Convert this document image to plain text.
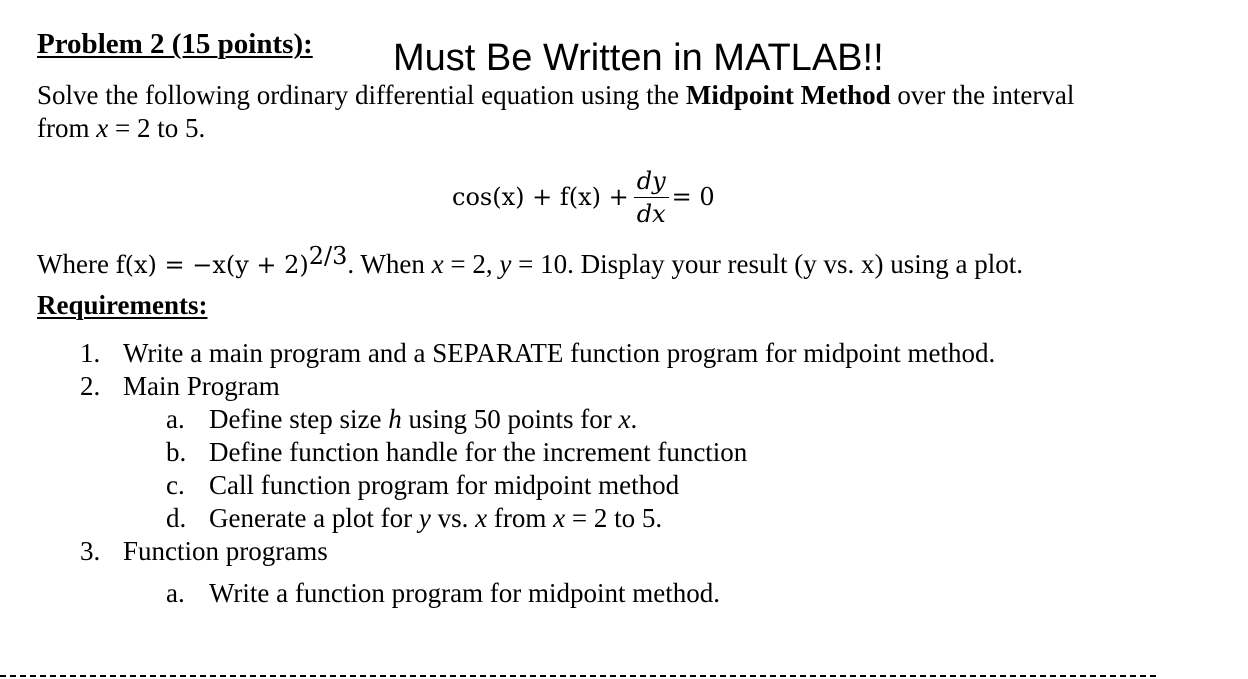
Problem 2 (15 points): Must Be Written in MATLAB!!
Solve the following ordinary differential equation using the Midpoint Method over the interval
from x = 2 to 5.
$\cos(x) + f(x) + \frac{dy}{dx} = 0$
Where $f(x) = -x(y + 2)^{2/3}$. When x = 2, y = 10. Display your result (y vs. x) using a plot.
Requirements:
1. Write a main program and a SEPARATE function program for midpoint method.
2. Main Program
a. Define step size h using 50 points for x.
b. Define function handle for the increment function
c. Call function program for midpoint method
d. Generate a plot for y vs. x from x = 2 to 5.
3. Function programs
a. Write a function program for midpoint method.
